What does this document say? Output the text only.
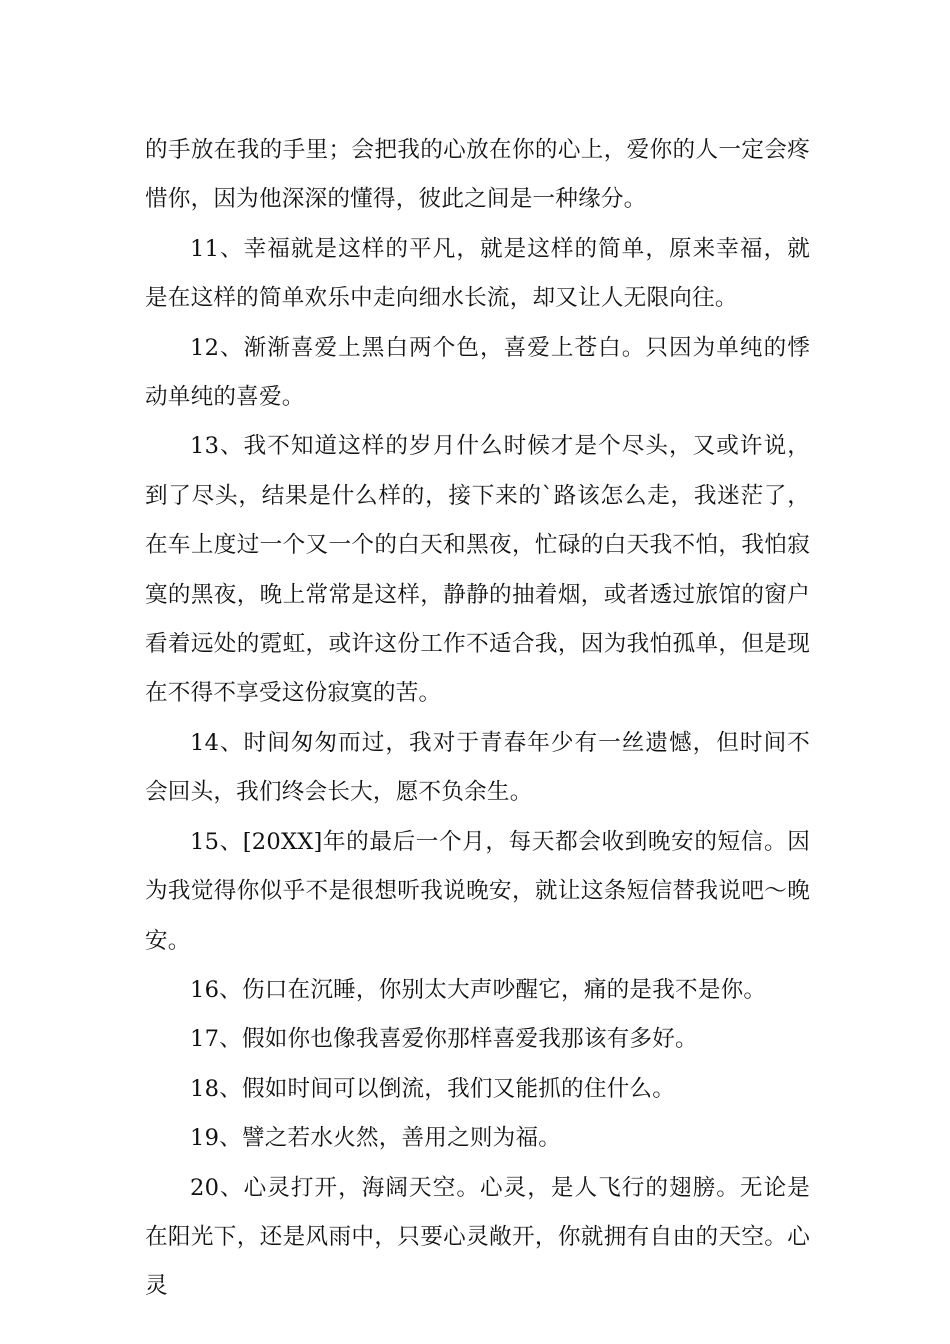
的手放在我的手里；会把我的心放在你的心上，爱你的人一定会疼惜你，因为他深深的懂得，彼此之间是一种缘分。

11、幸福就是这样的平凡，就是这样的简单，原来幸福，就是在这样的简单欢乐中走向细水长流，却又让人无限向往。

12、渐渐喜爱上黑白两个色，喜爱上苍白。只因为单纯的悸动单纯的喜爱。

13、我不知道这样的岁月什么时候才是个尽头，又或许说，到了尽头，结果是什么样的，接下来的`路该怎么走，我迷茫了，在车上度过一个又一个的白天和黑夜，忙碌的白天我不怕，我怕寂寞的黑夜，晚上常常是这样，静静的抽着烟，或者透过旅馆的窗户看着远处的霓虹，或许这份工作不适合我，因为我怕孤单，但是现在不得不享受这份寂寞的苦。

14、时间匆匆而过，我对于青春年少有一丝遗憾，但时间不会回头，我们终会长大，愿不负余生。

15、[20XX]年的最后一个月，每天都会收到晚安的短信。因为我觉得你似乎不是很想听我说晚安，就让这条短信替我说吧～晚安。

16、伤口在沉睡，你别太大声吵醒它，痛的是我不是你。

17、假如你也像我喜爱你那样喜爱我那该有多好。

18、假如时间可以倒流，我们又能抓的住什么。

19、譬之若水火然，善用之则为福。

20、心灵打开，海阔天空。心灵，是人飞行的翅膀。无论是在阳光下，还是风雨中，只要心灵敞开，你就拥有自由的天空。心灵
